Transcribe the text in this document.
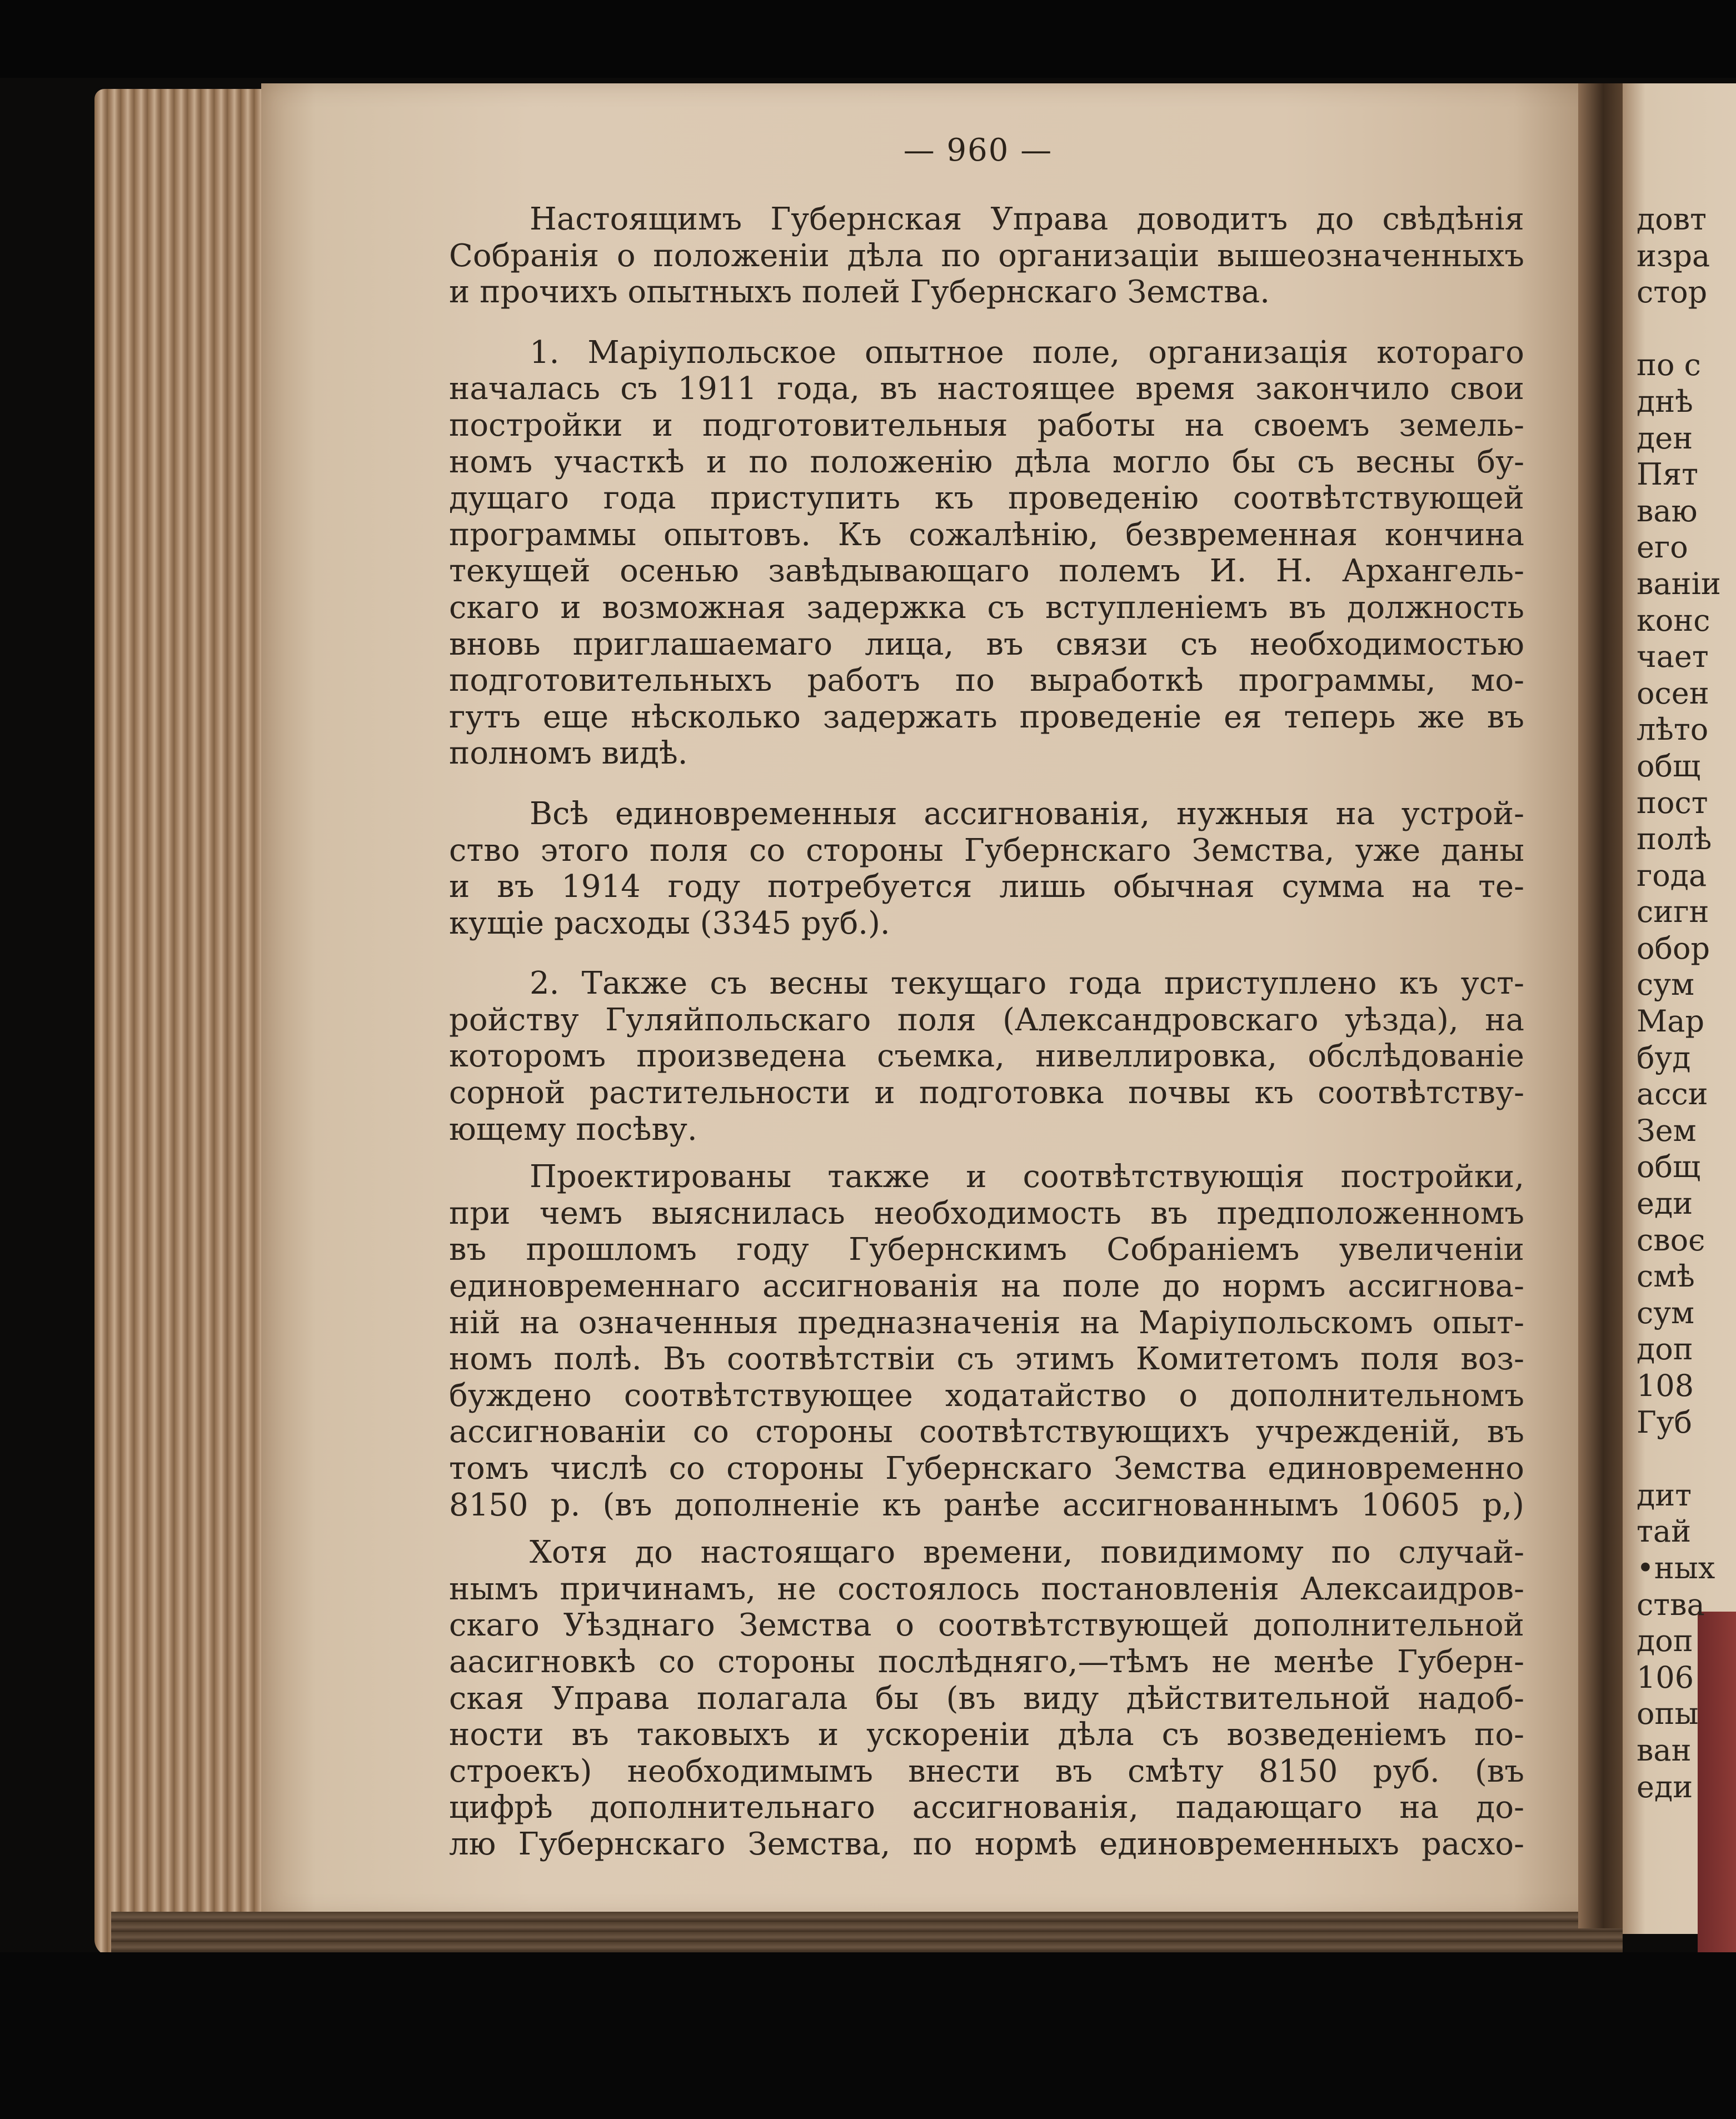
— 960 —
Настоящимъ Губернская Управа доводитъ до свѣдѣнія
Собранія о положеніи дѣла по организаціи вышеозначенныхъ
и прочихъ опытныхъ полей Губернскаго Земства.
1. Маріупольское опытное поле, организація котораго
началась съ 1911 года, въ настоящее время закончило свои
постройки и подготовительныя работы на своемъ земель-
номъ участкѣ и по положенію дѣла могло бы съ весны бу-
дущаго года приступить къ проведенію соотвѣтствующей
программы опытовъ. Къ сожалѣнію, безвременная кончина
текущей осенью завѣдывающаго полемъ И. Н. Архангель-
скаго и возможная задержка съ вступленіемъ въ должность
вновь приглашаемаго лица, въ связи съ необходимостью
подготовительныхъ работъ по выработкѣ программы, мо-
гутъ еще нѣсколько задержать проведеніе ея теперь же въ
полномъ видѣ.
Всѣ единовременныя ассигнованія, нужныя на устрой-
ство этого поля со стороны Губернскаго Земства, уже даны
и въ 1914 году потребуется лишь обычная сумма на те-
кущіе расходы (3345 руб.).
2. Также съ весны текущаго года приступлено къ уст-
ройству Гуляйпольскаго поля (Александровскаго уѣзда), на
которомъ произведена съемка, нивеллировка, обслѣдованіе
сорной растительности и подготовка почвы къ соотвѣтству-
ющему посѣву.
Проектированы также и соотвѣтствующія постройки,
при чемъ выяснилась необходимость въ предположенномъ
въ прошломъ году Губернскимъ Собраніемъ увеличеніи
единовременнаго ассигнованія на поле до нормъ ассигнова-
ній на означенныя предназначенія на Маріупольскомъ опыт-
номъ полѣ. Въ соотвѣтствіи съ этимъ Комитетомъ поля воз-
буждено соотвѣтствующее ходатайство о дополнительномъ
ассигнованіи со стороны соотвѣтствующихъ учрежденій, въ
томъ числѣ со стороны Губернскаго Земства единовременно
8150 р. (въ дополненіе къ ранѣе ассигнованнымъ 10605 р,)
Хотя до настоящаго времени, повидимому по случай-
нымъ причинамъ, не состоялось постановленія Алексаидров-
скаго Уѣзднаго Земства о соотвѣтствующей дополнительной
аасигновкѣ со стороны послѣдняго,—тѣмъ не менѣе Губерн-
ская Управа полагала бы (въ виду дѣйствительной надоб-
ности въ таковыхъ и ускореніи дѣла съ возведеніемъ по-
строекъ) необходимымъ внести въ смѣту 8150 руб. (въ
цифрѣ дополнительнаго ассигнованія, падающаго на до-
лю Губернскаго Земства, по нормѣ единовременныхъ расхо-
довт
изра
стор
по с
днѣ
ден
Пят
ваю
его
ваніи
конс
чает
осен
лѣто
общ
пост
полѣ
года
сигн
обор
сум
Мар
буд
асси
Зем
общ
еди
своє
смѣ
сум
доп
108
Губ
дит
тай
•ных
ства
доп
106
опы
ван
еди
